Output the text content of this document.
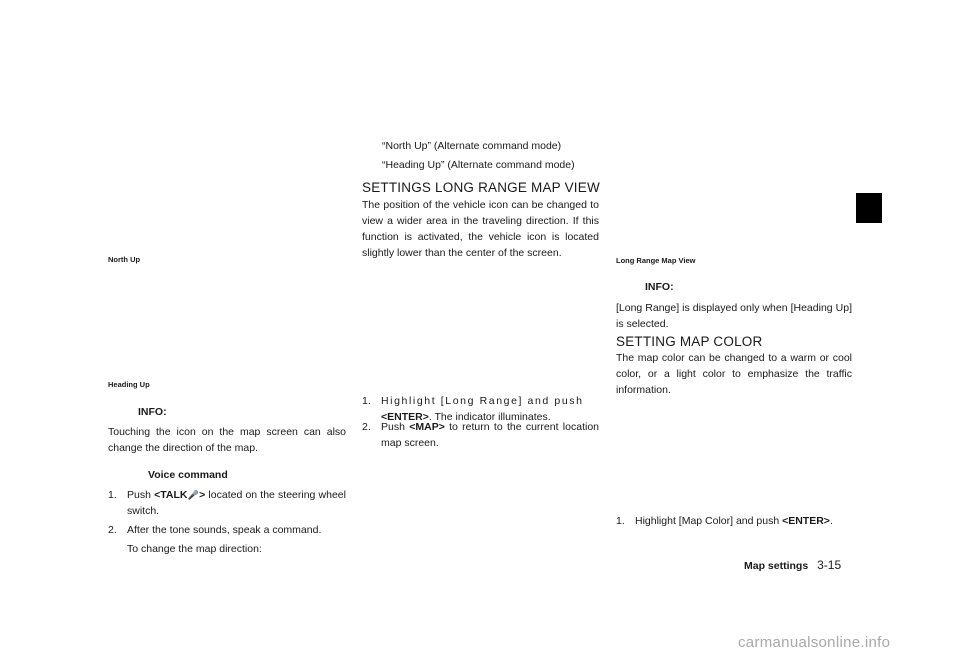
North Up
Heading Up
INFO:

Touching the icon on the map screen can also change the direction of the map.

Voice command
1. Push <TALK🎤> located on the steering wheel switch.
2. After the tone sounds, speak a command.
To change the map direction:
“North Up” (Alternate command mode)
“Heading Up” (Alternate command mode)
SETTINGS LONG RANGE MAP VIEW

The position of the vehicle icon can be changed to view a wider area in the traveling direction. If this function is activated, the vehicle icon is located slightly lower than the center of the screen.

1. Highlight [Long Range] and push <ENTER>. The indicator illuminates.
2. Push <MAP> to return to the current location map screen.
Long Range Map View
INFO:

[Long Range] is displayed only when [Heading Up] is selected.

SETTING MAP COLOR

The map color can be changed to a warm or cool color, or a light color to emphasize the traffic information.

1. Highlight [Map Color] and push <ENTER>.
Map settings 3-15
carmanualsonline.info
